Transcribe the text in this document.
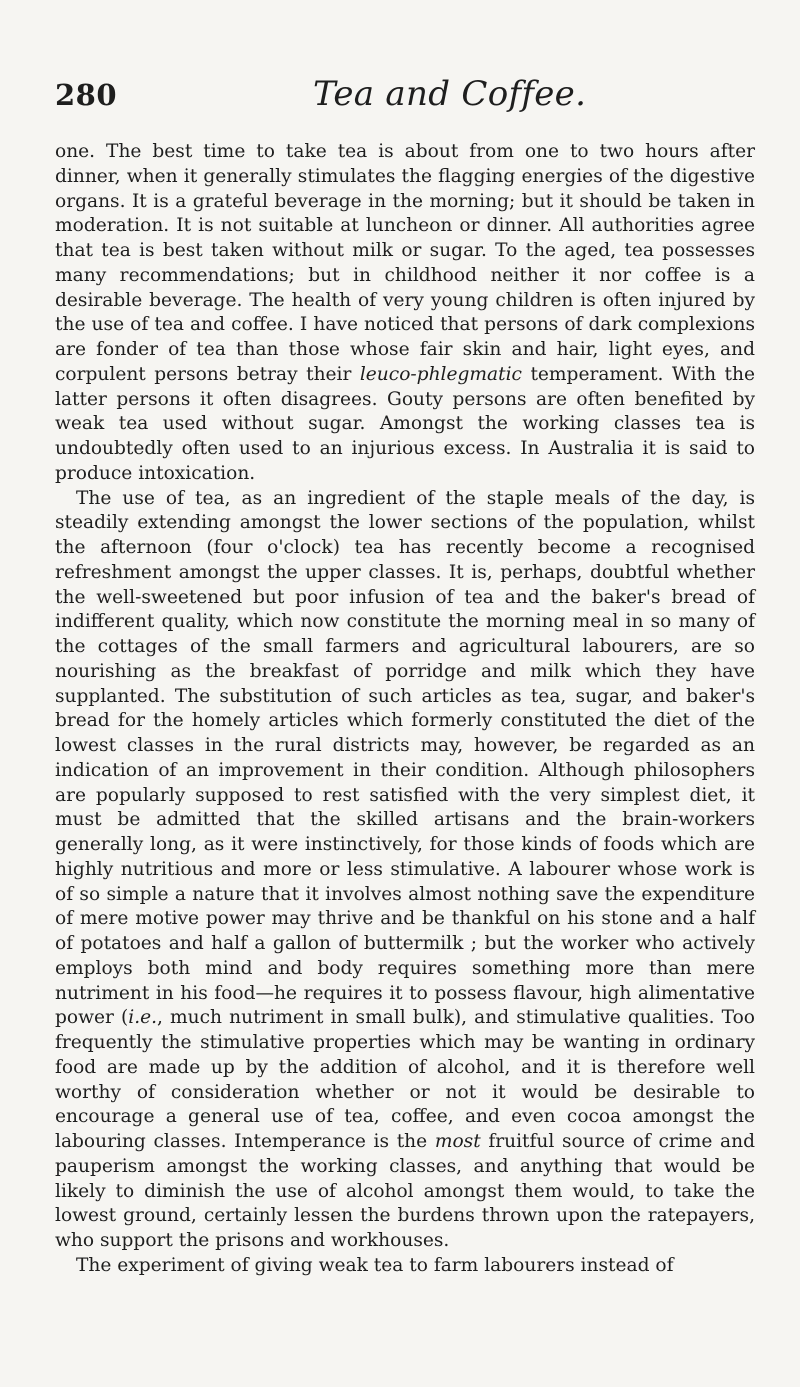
280	Tea and Coffee.

one. The best time to take tea is about from one to two hours after dinner, when it generally stimulates the flagging energies of the digestive organs. It is a grateful beverage in the morning; but it should be taken in moderation. It is not suitable at luncheon or dinner. All authorities agree that tea is best taken without milk or sugar. To the aged, tea possesses many recommendations; but in childhood neither it nor coffee is a desirable beverage. The health of very young children is often injured by the use of tea and coffee. I have noticed that persons of dark complexions are fonder of tea than those whose fair skin and hair, light eyes, and corpulent persons betray their leuco-phlegmatic temperament. With the latter persons it often disagrees. Gouty persons are often benefited by weak tea used without sugar. Amongst the working classes tea is undoubtedly often used to an injurious excess. In Australia it is said to produce intoxication.

The use of tea, as an ingredient of the staple meals of the day, is steadily extending amongst the lower sections of the population, whilst the afternoon (four o'clock) tea has recently become a recognised refreshment amongst the upper classes. It is, perhaps, doubtful whether the well-sweetened but poor infusion of tea and the baker's bread of indifferent quality, which now constitute the morning meal in so many of the cottages of the small farmers and agricultural labourers, are so nourishing as the breakfast of porridge and milk which they have supplanted. The substitution of such articles as tea, sugar, and baker's bread for the homely articles which formerly constituted the diet of the lowest classes in the rural districts may, however, be regarded as an indication of an improvement in their condition. Although philosophers are popularly supposed to rest satisfied with the very simplest diet, it must be admitted that the skilled artisans and the brain-workers generally long, as it were instinctively, for those kinds of foods which are highly nutritious and more or less stimulative. A labourer whose work is of so simple a nature that it involves almost nothing save the expenditure of mere motive power may thrive and be thankful on his stone and a half of potatoes and half a gallon of buttermilk ; but the worker who actively employs both mind and body requires something more than mere nutriment in his food—he requires it to possess flavour, high alimentative power (i.e., much nutriment in small bulk), and stimulative qualities. Too frequently the stimulative properties which may be wanting in ordinary food are made up by the addition of alcohol, and it is therefore well worthy of consideration whether or not it would be desirable to encourage a general use of tea, coffee, and even cocoa amongst the labouring classes. Intemperance is the most fruitful source of crime and pauperism amongst the working classes, and anything that would be likely to diminish the use of alcohol amongst them would, to take the lowest ground, certainly lessen the burdens thrown upon the ratepayers, who support the prisons and workhouses.

The experiment of giving weak tea to farm labourers instead of
